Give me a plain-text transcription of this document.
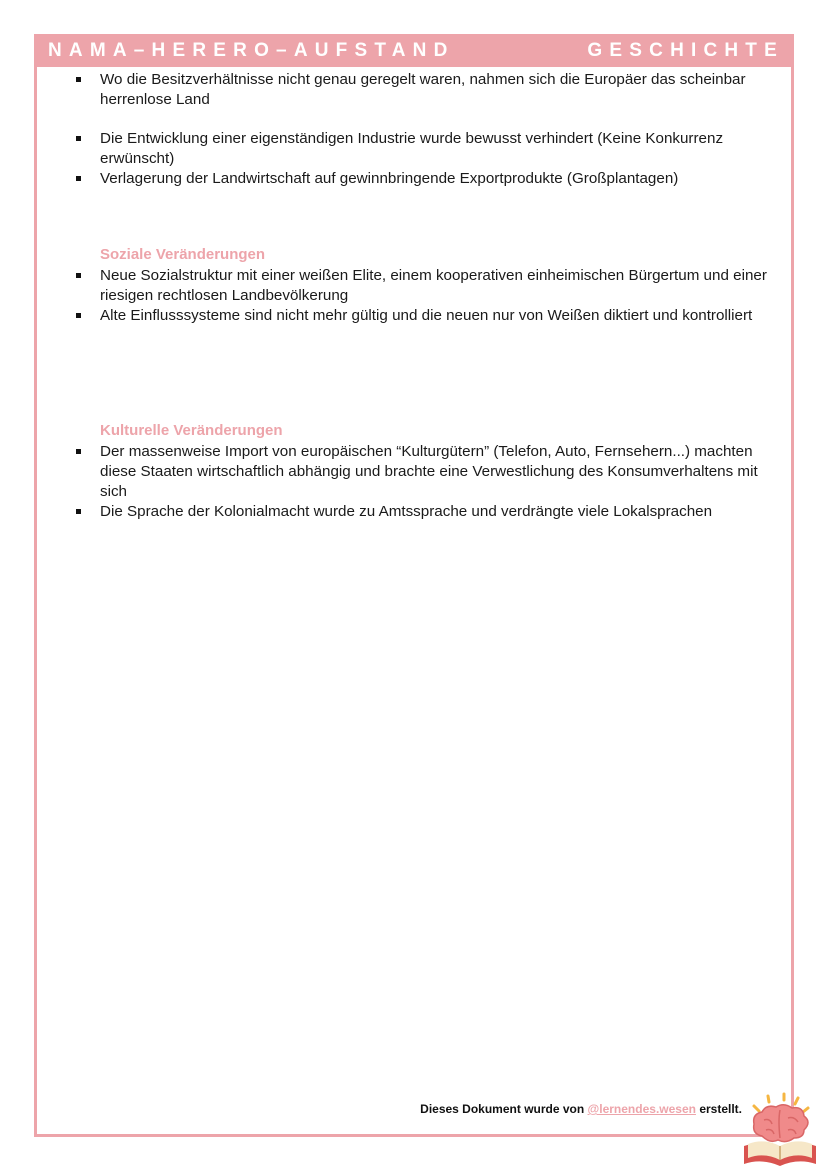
NAMA–HERERO–AUFSTAND	GESCHICHTE
Wo die Besitzverhältnisse nicht genau geregelt waren, nahmen sich die Europäer das scheinbar herrenlose Land
Die Entwicklung einer eigenständigen Industrie wurde bewusst verhindert (Keine Konkurrenz erwünscht)
Verlagerung der Landwirtschaft auf gewinnbringende Exportprodukte (Großplantagen)
Soziale Veränderungen
Neue Sozialstruktur mit einer weißen Elite, einem kooperativen einheimischen Bürgertum und einer riesigen rechtlosen Landbevölkerung
Alte Einflusssysteme sind nicht mehr gültig und die neuen nur von Weißen diktiert und kontrolliert
Kulturelle Veränderungen
Der massenweise Import von europäischen “Kulturgütern” (Telefon, Auto, Fernsehern...) machten diese Staaten wirtschaftlich abhängig und brachte eine Verwestlichung des Konsumverhaltens mit sich
Die Sprache der Kolonialmacht wurde zu Amtssprache und verdrängte viele Lokalsprachen
Dieses Dokument wurde von @lernendes.wesen erstellt.
